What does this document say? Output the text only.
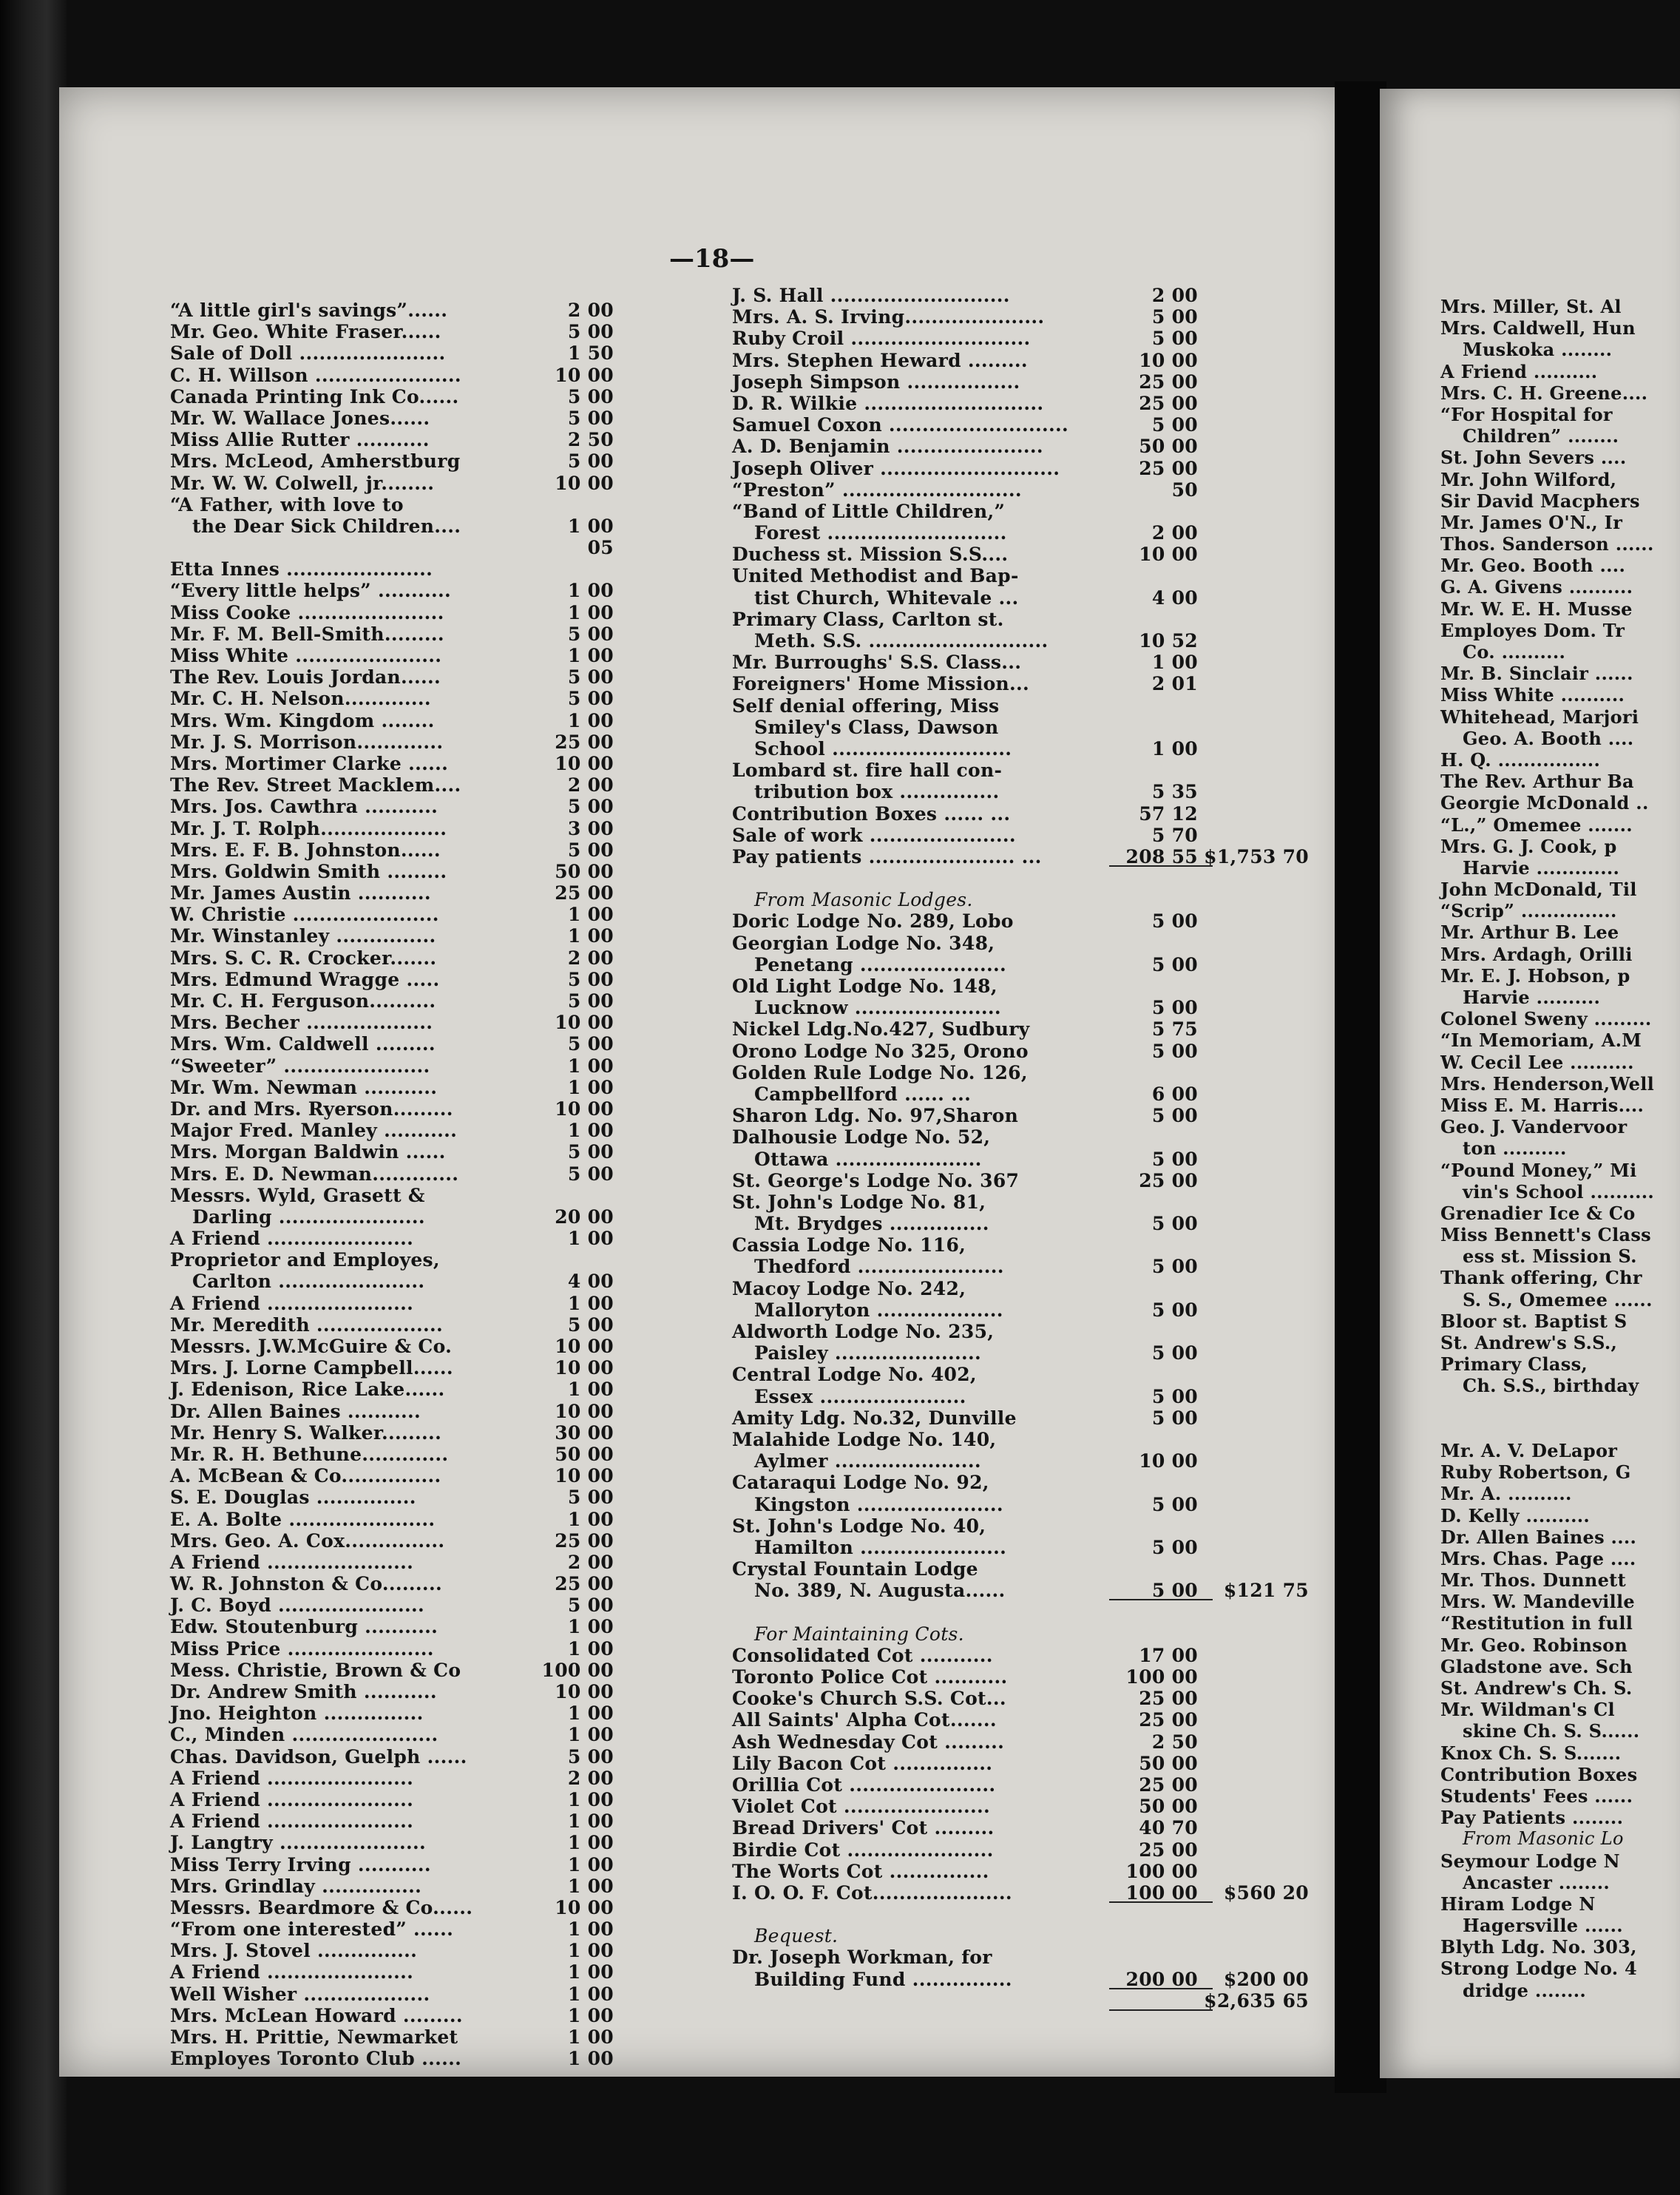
Mrs. Miller, St. Al
Mrs. Caldwell, Hun
Muskoka ........
A Friend ..........
Mrs. C. H. Greene....
“For Hospital for
Children” ........
St. John Severs ....
Mr. John Wilford,
Sir David Macphers
Mr. James O'N., Ir
Thos. Sanderson ......
Mr. Geo. Booth ....
G. A. Givens ..........
Mr. W. E. H. Musse
Employes Dom. Tr
Co. ..........
Mr. B. Sinclair ......
Miss White ..........
Whitehead, Marjori
Geo. A. Booth ....
H. Q. ................
The Rev. Arthur Ba
Georgie McDonald ..
“L.,” Omemee .......
Mrs. G. J. Cook, p
Harvie .............
John McDonald, Til
“Scrip” ...............
Mr. Arthur B. Lee
Mrs. Ardagh, Orilli
Mr. E. J. Hobson, p
Harvie ..........
Colonel Sweny .........
“In Memoriam, A.M
W. Cecil Lee ..........
Mrs. Henderson,Well
Miss E. M. Harris....
Geo. J. Vandervoor
ton ..........
“Pound Money,” Mi
vin's School ..........
Grenadier Ice & Co
Miss Bennett's Class
ess st. Mission S.
Thank offering, Chr
S. S., Omemee ......
Bloor st. Baptist S
St. Andrew's S.S.,
Primary Class,
Ch. S.S., birthday
Mr. A. V. DeLapor
Ruby Robertson, G
Mr. A. ..........
D. Kelly ..........
Dr. Allen Baines ....
Mrs. Chas. Page ....
Mr. Thos. Dunnett
Mrs. W. Mandeville
“Restitution in full
Mr. Geo. Robinson
Gladstone ave. Sch
St. Andrew's Ch. S.
Mr. Wildman's Cl
skine Ch. S. S......
Knox Ch. S. S.......
Contribution Boxes
Students' Fees ......
Pay Patients ........
From Masonic Lo
Seymour Lodge N
Ancaster ........
Hiram Lodge N
Hagersville ......
Blyth Ldg. No. 303,
Strong Lodge No. 4
dridge ........
—18—
“A little girl's savings”......	2 00
Mr. Geo. White Fraser......	5 00
Sale of Doll ......................	1 50
C. H. Willson ......................	10 00
Canada Printing Ink Co......	5 00
Mr. W. Wallace Jones......	5 00
Miss Allie Rutter ...........	2 50
Mrs. McLeod, Amherstburg	5 00
Mr. W. W. Colwell, jr........	10 00
“A Father, with love to
the Dear Sick Children....	1 00
05
Etta Innes ......................
“Every little helps” ...........	1 00
Miss Cooke ......................	1 00
Mr. F. M. Bell-Smith.........	5 00
Miss White ......................	1 00
The Rev. Louis Jordan......	5 00
Mr. C. H. Nelson.............	5 00
Mrs. Wm. Kingdom ........	1 00
Mr. J. S. Morrison.............	25 00
Mrs. Mortimer Clarke ......	10 00
The Rev. Street Macklem....	2 00
Mrs. Jos. Cawthra ...........	5 00
Mr. J. T. Rolph...................	3 00
Mrs. E. F. B. Johnston......	5 00
Mrs. Goldwin Smith .........	50 00
Mr. James Austin ...........	25 00
W. Christie ......................	1 00
Mr. Winstanley ...............	1 00
Mrs. S. C. R. Crocker.......	2 00
Mrs. Edmund Wragge .....	5 00
Mr. C. H. Ferguson..........	5 00
Mrs. Becher ...................	10 00
Mrs. Wm. Caldwell .........	5 00
“Sweeter” ......................	1 00
Mr. Wm. Newman ...........	1 00
Dr. and Mrs. Ryerson.........	10 00
Major Fred. Manley ...........	1 00
Mrs. Morgan Baldwin ......	5 00
Mrs. E. D. Newman.............	5 00
Messrs. Wyld, Grasett &
Darling ......................	20 00
A Friend ......................	1 00
Proprietor and Employes,
Carlton ......................	4 00
A Friend ......................	1 00
Mr. Meredith ...................	5 00
Messrs. J.W.McGuire & Co.	10 00
Mrs. J. Lorne Campbell......	10 00
J. Edenison, Rice Lake......	1 00
Dr. Allen Baines ...........	10 00
Mr. Henry S. Walker.........	30 00
Mr. R. H. Bethune.............	50 00
A. McBean & Co...............	10 00
S. E. Douglas ...............	5 00
E. A. Bolte ......................	1 00
Mrs. Geo. A. Cox...............	25 00
A Friend ......................	2 00
W. R. Johnston & Co.........	25 00
J. C. Boyd ......................	5 00
Edw. Stoutenburg ...........	1 00
Miss Price ......................	1 00
Mess. Christie, Brown & Co	100 00
Dr. Andrew Smith ...........	10 00
Jno. Heighton ...............	1 00
C., Minden ......................	1 00
Chas. Davidson, Guelph ......	5 00
A Friend ......................	2 00
A Friend ......................	1 00
A Friend ......................	1 00
J. Langtry ......................	1 00
Miss Terry Irving ...........	1 00
Mrs. Grindlay ...............	1 00
Messrs. Beardmore & Co......	10 00
“From one interested” ......	1 00
Mrs. J. Stovel ...............	1 00
A Friend ......................	1 00
Well Wisher ...................	1 00
Mrs. McLean Howard .........	1 00
Mrs. H. Prittie, Newmarket	1 00
Employes Toronto Club ......	1 00
J. S. Hall ...........................	2 00
Mrs. A. S. Irving.....................	5 00
Ruby Croil ...........................	5 00
Mrs. Stephen Heward .........	10 00
Joseph Simpson .................	25 00
D. R. Wilkie ...........................	25 00
Samuel Coxon ...........................	5 00
A. D. Benjamin ......................	50 00
Joseph Oliver ...........................	25 00
“Preston” ...........................	50
“Band of Little Children,”
Forest ...........................	2 00
Duchess st. Mission S.S....	10 00
United Methodist and Bap-
tist Church, Whitevale ...	4 00
Primary Class, Carlton st.
Meth. S.S. ...........................	10 52
Mr. Burroughs' S.S. Class...	1 00
Foreigners' Home Mission...	2 01
Self denial offering, Miss
Smiley's Class, Dawson
School ...........................	1 00
Lombard st. fire hall con-
tribution box ...............	5 35
Contribution Boxes ...... ...	57 12
Sale of work ......................	5 70
Pay patients ...................... ...	208 55 $1,753 70
From Masonic Lodges.
Doric Lodge No. 289, Lobo	5 00
Georgian Lodge No. 348,
Penetang ......................	5 00
Old Light Lodge No. 148,
Lucknow ......................	5 00
Nickel Ldg.No.427, Sudbury	5 75
Orono Lodge No 325, Orono	5 00
Golden Rule Lodge No. 126,
Campbellford ...... ...	6 00
Sharon Ldg. No. 97,Sharon	5 00
Dalhousie Lodge No. 52,
Ottawa ......................	5 00
St. George's Lodge No. 367	25 00
St. John's Lodge No. 81,
Mt. Brydges ...............	5 00
Cassia Lodge No. 116,
Thedford ......................	5 00
Macoy Lodge No. 242,
Malloryton ...................	5 00
Aldworth Lodge No. 235,
Paisley ......................	5 00
Central Lodge No. 402,
Essex ......................	5 00
Amity Ldg. No.32, Dunville	5 00
Malahide Lodge No. 140,
Aylmer ......................	10 00
Cataraqui Lodge No. 92,
Kingston ......................	5 00
St. John's Lodge No. 40,
Hamilton ......................	5 00
Crystal Fountain Lodge
No. 389, N. Augusta......	5 00 $121 75
For Maintaining Cots.
Consolidated Cot ...........	17 00
Toronto Police Cot ...........	100 00
Cooke's Church S.S. Cot...	25 00
All Saints' Alpha Cot.......	25 00
Ash Wednesday Cot .........	2 50
Lily Bacon Cot ...............	50 00
Orillia Cot ......................	25 00
Violet Cot ......................	50 00
Bread Drivers' Cot .........	40 70
Birdie Cot ......................	25 00
The Worts Cot ...............	100 00
I. O. O. F. Cot.....................	100 00 $560 20
Bequest.
Dr. Joseph Workman, for
Building Fund ...............	200 00 $200 00
$2,635 65
